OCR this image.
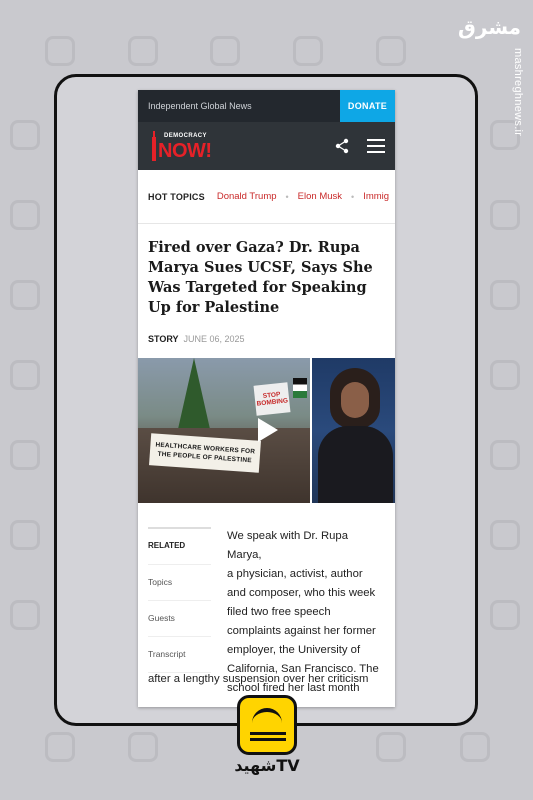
مشرق
mashreghnews.ir
Independent Global News	DONATE
DEMOCRACY
NOW!
HOT TOPICS Donald Trump • Elon Musk • Immig
Fired over Gaza? Dr. Rupa Marya Sues UCSF, Says She Was Targeted for Speaking Up for Palestine
STORY JUNE 06, 2025
HEALTHCARE WORKERS FOR THE PEOPLE OF PALESTINE
STOP BOMBING
RELATED
Topics
Guests
Transcript
We speak with Dr. Rupa Marya,
a physician, activist, author
and composer, who this week
filed two free speech
complaints against her former
employer, the University of
California, San Francisco. The
school fired her last month
after a lengthy suspension over her criticism
شهیدTV
